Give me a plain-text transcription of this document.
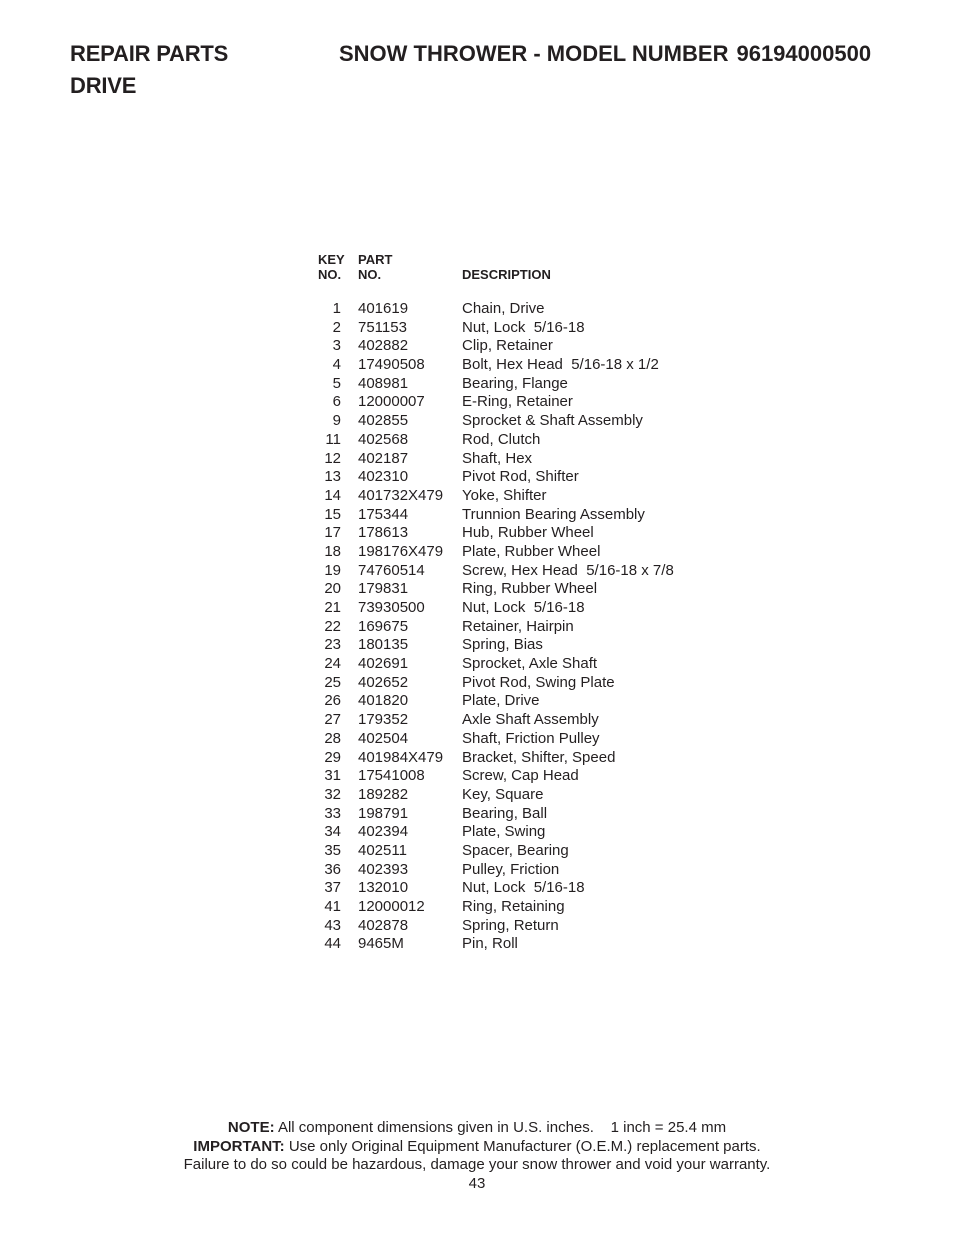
REPAIR PARTS
DRIVE
SNOW THROWER - MODEL NUMBER 96194000500
KEY
NO.
PART
NO.	DESCRIPTION
1 401619	Chain, Drive
2 751153	Nut, Lock  5/16-18
3 402882	Clip, Retainer
4 17490508 Bolt, Hex Head  5/16-18 x 1/2
5 408981	Bearing, Flange
6 12000007 E-Ring, Retainer
9 402855	Sprocket & Shaft Assembly
11 402568	Rod, Clutch
12 402187	Shaft, Hex
13 402310	Pivot Rod, Shifter
14 401732X479 Yoke, Shifter
15 175344	Trunnion Bearing Assembly
17 178613	Hub, Rubber Wheel
18 198176X479 Plate, Rubber Wheel
19 74760514 Screw, Hex Head  5/16-18 x 7/8
20 179831	Ring, Rubber Wheel
21 73930500 Nut, Lock  5/16-18
22 169675	Retainer, Hairpin
23 180135	Spring, Bias
24 402691	Sprocket, Axle Shaft
25 402652	Pivot Rod, Swing Plate
26 401820	Plate, Drive
27 179352	Axle Shaft Assembly
28 402504	Shaft, Friction Pulley
29 401984X479 Bracket, Shifter, Speed
31 17541008 Screw, Cap Head
32 189282	Key, Square
33 198791	Bearing, Ball
34 402394	Plate, Swing
35 402511	Spacer, Bearing
36 402393	Pulley, Friction
37 132010	Nut, Lock  5/16-18
41 12000012 Ring, Retaining
43 402878	Spring, Return
44 9465M	Pin, Roll
NOTE: All component dimensions given in U.S. inches.    1 inch = 25.4 mm
IMPORTANT: Use only Original Equipment Manufacturer (O.E.M.) replacement parts.
Failure to do so could be hazardous, damage your snow thrower and void your warranty.
43
